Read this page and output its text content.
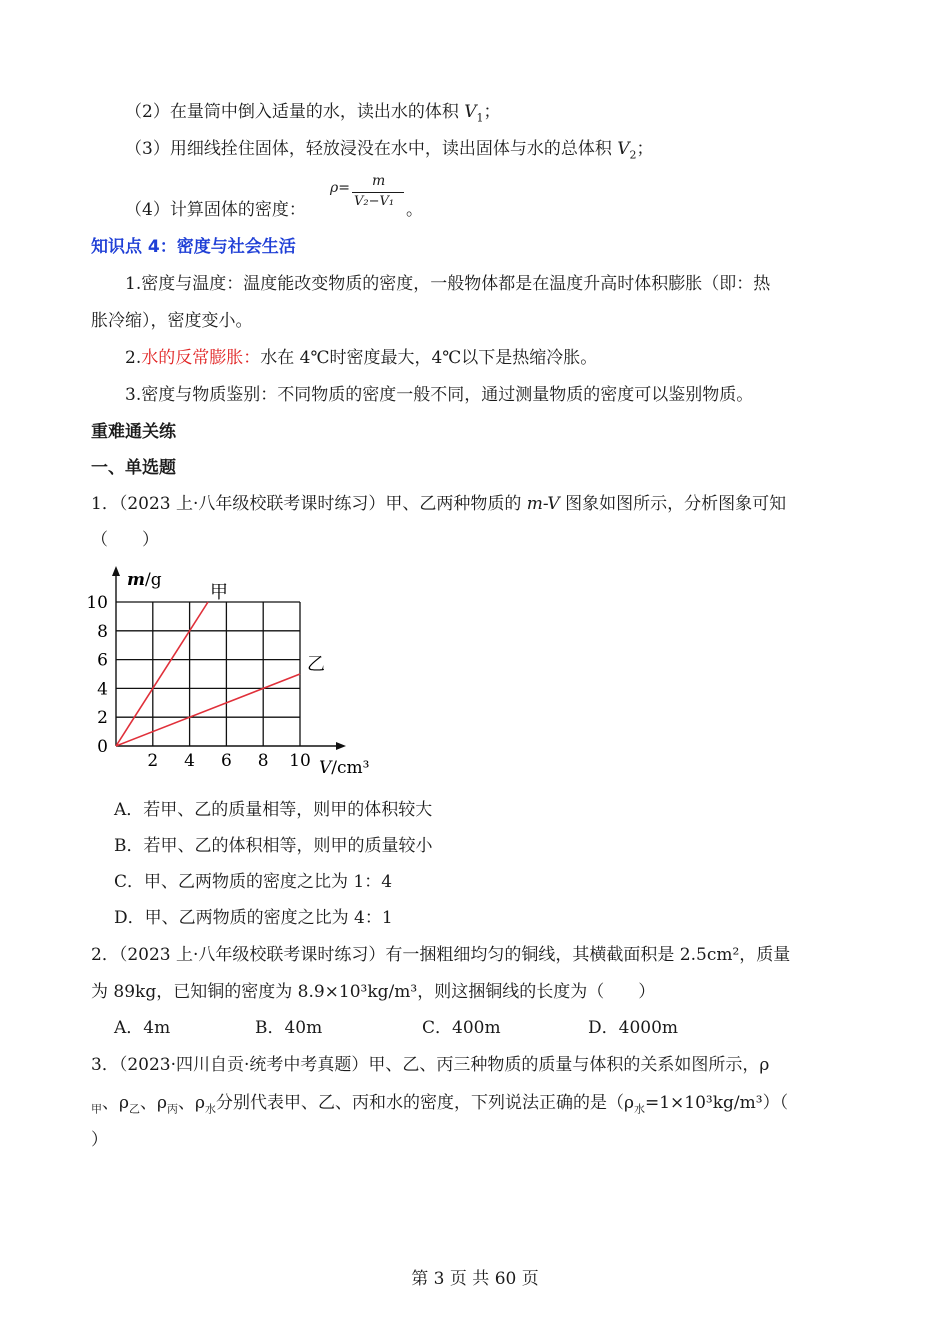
（2）在量筒中倒入适量的水，读出水的体积 $V_1$；
（3）用细线拴住固体，轻放浸没在水中，读出固体与水的总体积 $V_2$；
（4）计算固体的密度：
ρ= m
V₂−V₁ 。
知识点 4：密度与社会生活
1.密度与温度：温度能改变物质的密度，一般物体都是在温度升高时体积膨胀（即：热
胀冷缩），密度变小。
2.水的反常膨胀：水在 4℃时密度最大，4℃以下是热缩冷胀。
3.密度与物质鉴别：不同物质的密度一般不同，通过测量物质的密度可以鉴别物质。
重难通关练
一、单选题
1．（2023 上·八年级校联考课时练习）甲、乙两种物质的 m-V 图象如图所示，分析图象可知
（　　）
2 4 6 8 10
0
2
4
6
8
10	甲
乙
m/g
V/cm³
A．若甲、乙的质量相等，则甲的体积较大
B．若甲、乙的体积相等，则甲的质量较小
C．甲、乙两物质的密度之比为 1：4
D．甲、乙两物质的密度之比为 4：1
2．（2023 上·八年级校联考课时练习）有一捆粗细均匀的铜线，其横截面积是 2.5cm²，质量
为 89kg，已知铜的密度为 8.9×10³kg/m³，则这捆铜线的长度为（　　）
A．4m	B．40m	C．400m	D．4000m
3．（2023·四川自贡·统考中考真题）甲、乙、丙三种物质的质量与体积的关系如图所示，ρ
$_甲$、$\rho_乙$、$\rho_丙$、$\rho_水$分别代表甲、乙、丙和水的密度，下列说法正确的是$(\rho_水=1\times 10^3kg/m^3)$（
）
第 3 页 共 60 页
